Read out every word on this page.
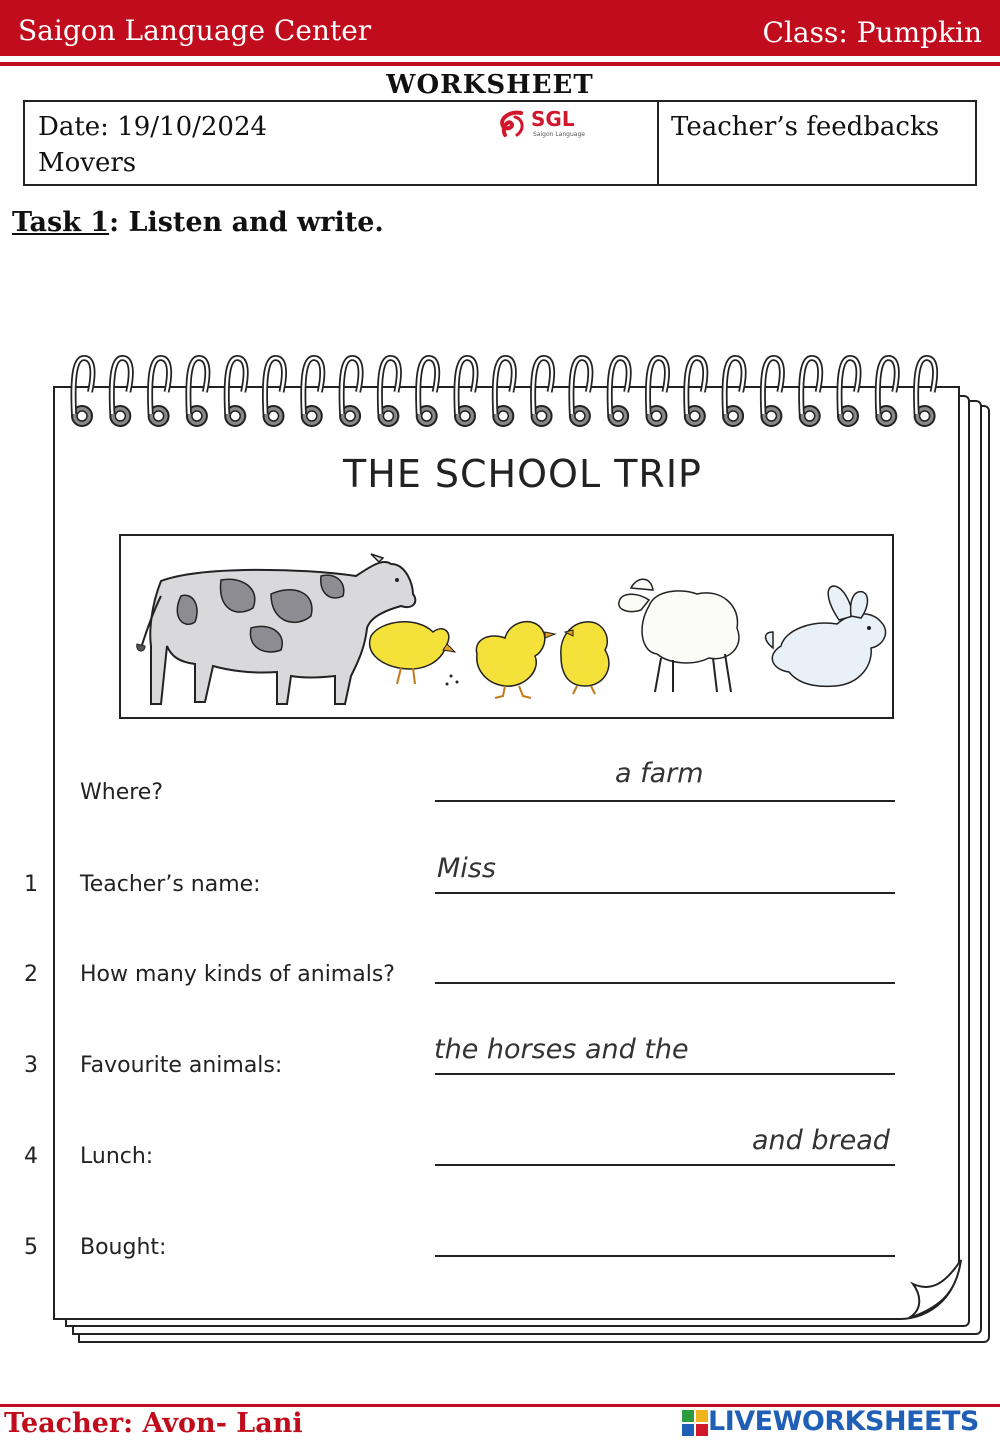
Saigon Language Center	Class: Pumpkin
WORKSHEET
Date: 19/10/2024
Movers
SGL
Saigon Language	Teacher’s feedbacks
Task 1: Listen and write.
THE SCHOOL TRIP
Where?
a farm
1 Teacher’s name:
Miss
2 How many kinds of animals?
3 Favourite animals:
the horses and the
4 Lunch:
and bread
5 Bought:
Teacher: Avon- Lani	LIVEWORKSHEETS
